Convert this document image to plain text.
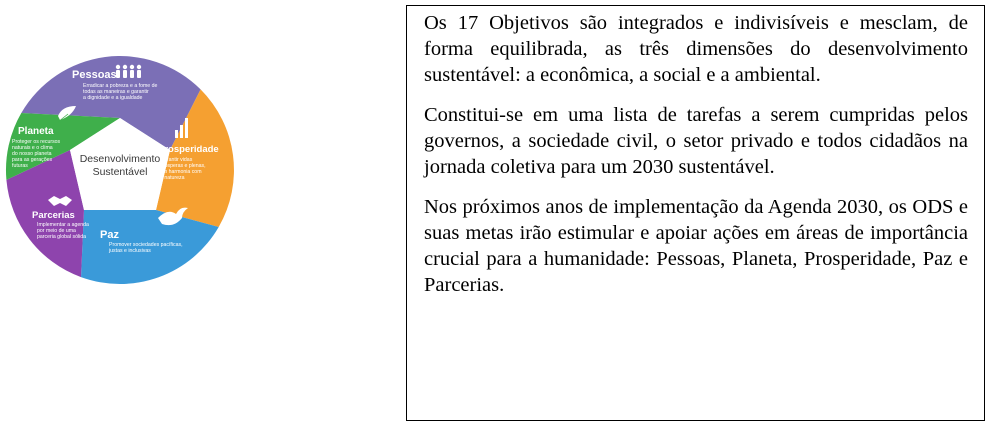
Desenvolvimento
Sustentável
Pessoas
Erradicar a pobreza e a fome de
todas as maneiras e garantir
a dignidade e a igualdade
Prosperidade
Garantir vidas
prósperas e plenas,
em harmonia com
a natureza
Paz
Promover sociedades pacíficas,
justas e inclusivas
Parcerias
Implementar a agenda
por meio de uma
parceria global sólida
Planeta
Proteger os recursos
naturais e o clima
do nosso planeta
para as gerações
futuras

Os 17 Objetivos são integrados e indivisíveis e mesclam, de forma equilibrada, as três dimensões do desenvolvimento sustentável: a econômica, a social e a ambiental.

Constitui-se em uma lista de tarefas a serem cumpridas pelos governos, a sociedade civil, o setor privado e todos cidadãos na jornada coletiva para um 2030 sustentável.

Nos próximos anos de implementação da Agenda 2030, os ODS e suas metas irão estimular e apoiar ações em áreas de importância crucial para a humanidade: Pessoas, Planeta, Prosperidade, Paz e Parcerias.
